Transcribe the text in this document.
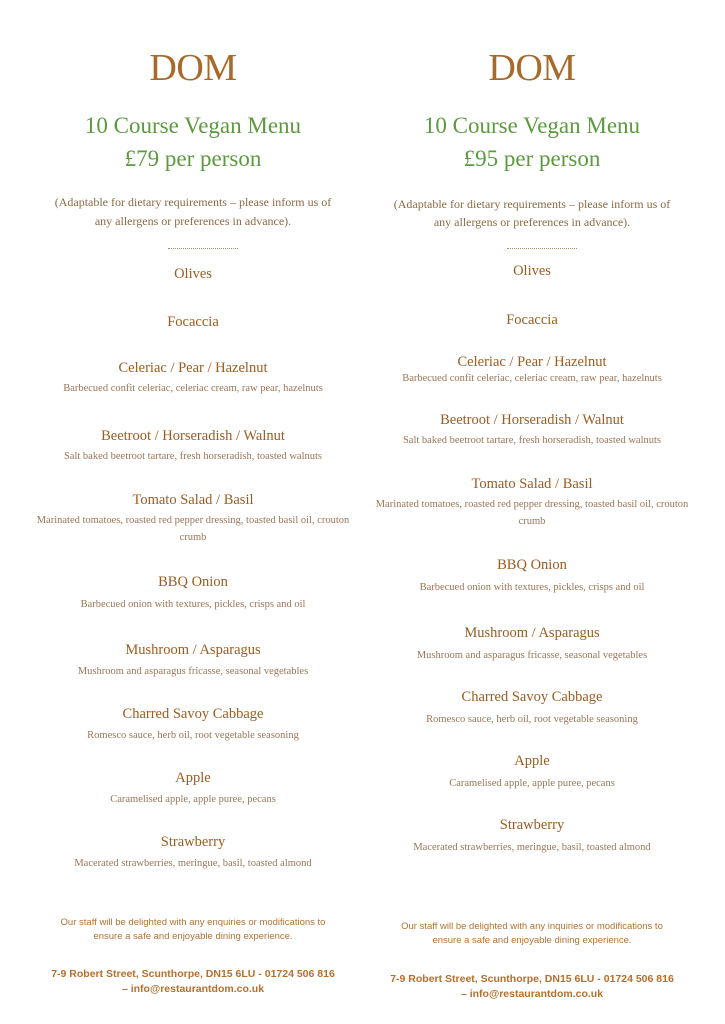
DOM
10 Course Vegan Menu
£79 per person
(Adaptable for dietary requirements – please inform us of
any allergens or preferences in advance).
Olives
Focaccia
Celeriac / Pear / Hazelnut
Barbecued confit celeriac, celeriac cream, raw pear, hazelnuts
Beetroot / Horseradish / Walnut
Salt baked beetroot tartare, fresh horseradish, toasted walnuts
Tomato Salad / Basil
Marinated tomatoes, roasted red pepper dressing, toasted basil oil, crouton crumb
BBQ Onion
Barbecued onion with textures, pickles, crisps and oil
Mushroom / Asparagus
Mushroom and asparagus fricasse, seasonal vegetables
Charred Savoy Cabbage
Romesco sauce, herb oil, root vegetable seasoning
Apple
Caramelised apple, apple puree, pecans
Strawberry
Macerated strawberries, meringue, basil, toasted almond
Our staff will be delighted with any enquiries or modifications to
ensure a safe and enjoyable dining experience.
7-9 Robert Street, Scunthorpe, DN15 6LU - 01724 506 816
– info@restaurantdom.co.uk
DOM
10 Course Vegan Menu
£95 per person
(Adaptable for dietary requirements – please inform us of
any allergens or preferences in advance).
Olives
Focaccia
Celeriac / Pear / Hazelnut
Barbecued confit celeriac, celeriac cream, raw pear, hazelnuts
Beetroot / Horseradish / Walnut
Salt baked beetroot tartare, fresh horseradish, toasted walnuts
Tomato Salad / Basil
Marinated tomatoes, roasted red pepper dressing, toasted basil oil, crouton crumb
BBQ Onion
Barbecued onion with textures, pickles, crisps and oil
Mushroom / Asparagus
Mushroom and asparagus fricasse, seasonal vegetables
Charred Savoy Cabbage
Romesco sauce, herb oil, root vegetable seasoning
Apple
Caramelised apple, apple puree, pecans
Strawberry
Macerated strawberries, meringue, basil, toasted almond
Our staff will be delighted with any inquiries or modifications to
ensure a safe and enjoyable dining experience.
7-9 Robert Street, Scunthorpe, DN15 6LU - 01724 506 816
– info@restaurantdom.co.uk
